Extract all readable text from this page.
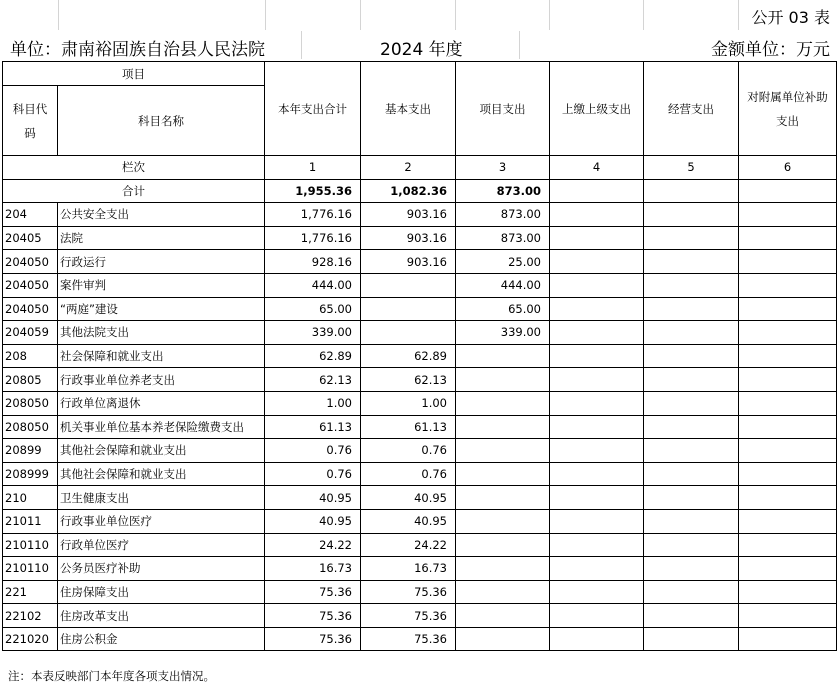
公开 03 表
单位：肃南裕固族自治县人民法院	2024 年度	金额单位：万元
项目		本年支出合计	基本支出	项目支出	上缴上级支出	经营支出	对附属单位补助支出
科目代码	科目名称						
栏次		1	2	3	4	5	6
合计		1,955.36	1,082.36	873.00			
204	公共安全支出	1,776.16	903.16	873.00			
20405	法院	1,776.16	903.16	873.00			
204050	行政运行	928.16	903.16	25.00			
204050	案件审判	444.00		444.00			
204050	“两庭”建设	65.00		65.00			
204059	其他法院支出	339.00		339.00			
208	社会保障和就业支出	62.89	62.89				
20805	行政事业单位养老支出	62.13	62.13				
208050	行政单位离退休	1.00	1.00				
208050	机关事业单位基本养老保险缴费支出	61.13	61.13				
20899	其他社会保障和就业支出	0.76	0.76				
208999	其他社会保障和就业支出	0.76	0.76				
210	卫生健康支出	40.95	40.95				
21011	行政事业单位医疗	40.95	40.95				
210110	行政单位医疗	24.22	24.22				
210110	公务员医疗补助	16.73	16.73				
221	住房保障支出	75.36	75.36				
22102	住房改革支出	75.36	75.36				
221020	住房公积金	75.36	75.36				
注：本表反映部门本年度各项支出情况。
